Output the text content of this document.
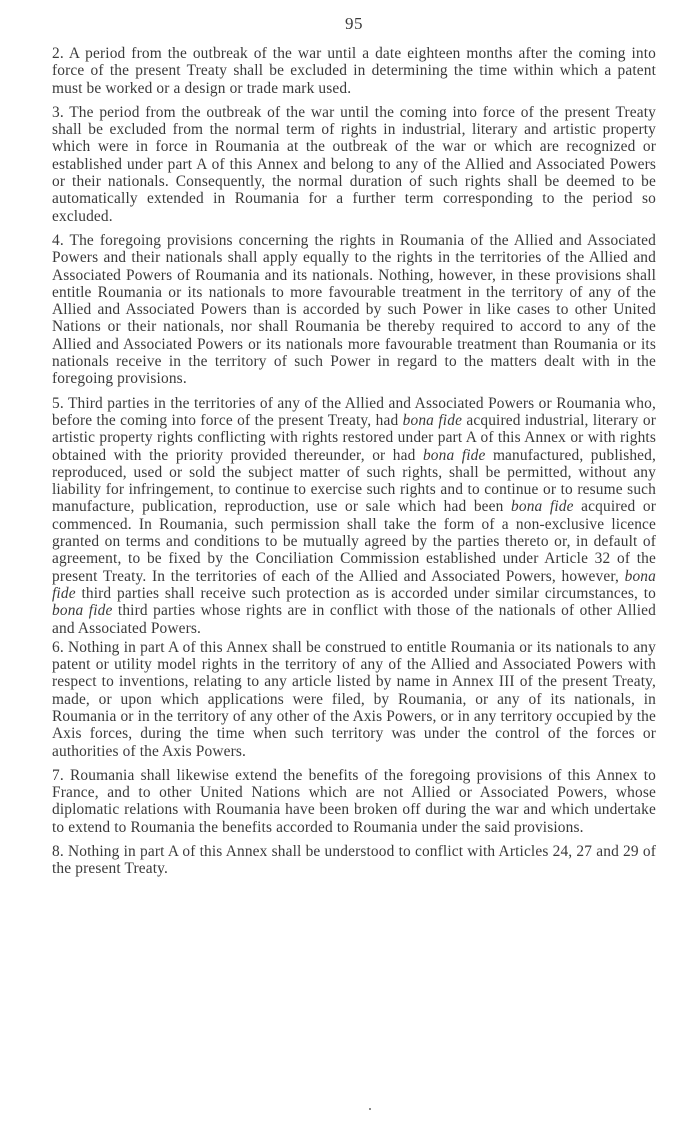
95

2. A period from the outbreak of the war until a date eighteen months after the coming into force of the present Treaty shall be excluded in determining the time within which a patent must be worked or a design or trade mark used.

3. The period from the outbreak of the war until the coming into force of the present Treaty shall be excluded from the normal term of rights in industrial, literary and artistic property which were in force in Roumania at the outbreak of the war or which are recognized or established under part A of this Annex and belong to any of the Allied and Associated Powers or their nationals. Consequently, the normal duration of such rights shall be deemed to be automatically extended in Roumania for a further term corresponding to the period so excluded.

4. The foregoing provisions concerning the rights in Roumania of the Allied and Associated Powers and their nationals shall apply equally to the rights in the territories of the Allied and Associated Powers of Roumania and its nationals. Nothing, however, in these provisions shall entitle Roumania or its nationals to more favourable treatment in the territory of any of the Allied and Associated Powers than is accorded by such Power in like cases to other United Nations or their nationals, nor shall Roumania be thereby required to accord to any of the Allied and Associated Powers or its nationals more favourable treatment than Roumania or its nationals receive in the territory of such Power in regard to the matters dealt with in the foregoing provisions.

5. Third parties in the territories of any of the Allied and Associated Powers or Roumania who, before the coming into force of the present Treaty, had bona fide acquired industrial, literary or artistic property rights conflicting with rights restored under part A of this Annex or with rights obtained with the priority provided thereunder, or had bona fide manufactured, published, reproduced, used or sold the subject matter of such rights, shall be permitted, without any liability for infringement, to continue to exercise such rights and to continue or to resume such manufacture, publication, reproduction, use or sale which had been bona fide acquired or commenced. In Roumania, such permission shall take the form of a non-exclusive licence granted on terms and conditions to be mutually agreed by the parties thereto or, in default of agreement, to be fixed by the Conciliation Commission established under Article 32 of the present Treaty. In the territories of each of the Allied and Associated Powers, however, bona fide third parties shall receive such protection as is accorded under similar circumstances, to bona fide third parties whose rights are in conflict with those of the nationals of other Allied and Associated Powers.

6. Nothing in part A of this Annex shall be construed to entitle Roumania or its nationals to any patent or utility model rights in the territory of any of the Allied and Associated Powers with respect to inventions, relating to any article listed by name in Annex III of the present Treaty, made, or upon which applications were filed, by Roumania, or any of its nationals, in Roumania or in the territory of any other of the Axis Powers, or in any territory occupied by the Axis forces, during the time when such territory was under the control of the forces or authorities of the Axis Powers.

7. Roumania shall likewise extend the benefits of the foregoing provisions of this Annex to France, and to other United Nations which are not Allied or Associated Powers, whose diplomatic relations with Roumania have been broken off during the war and which undertake to extend to Roumania the benefits accorded to Roumania under the said provisions.

8. Nothing in part A of this Annex shall be understood to conflict with Articles 24, 27 and 29 of the present Treaty.
